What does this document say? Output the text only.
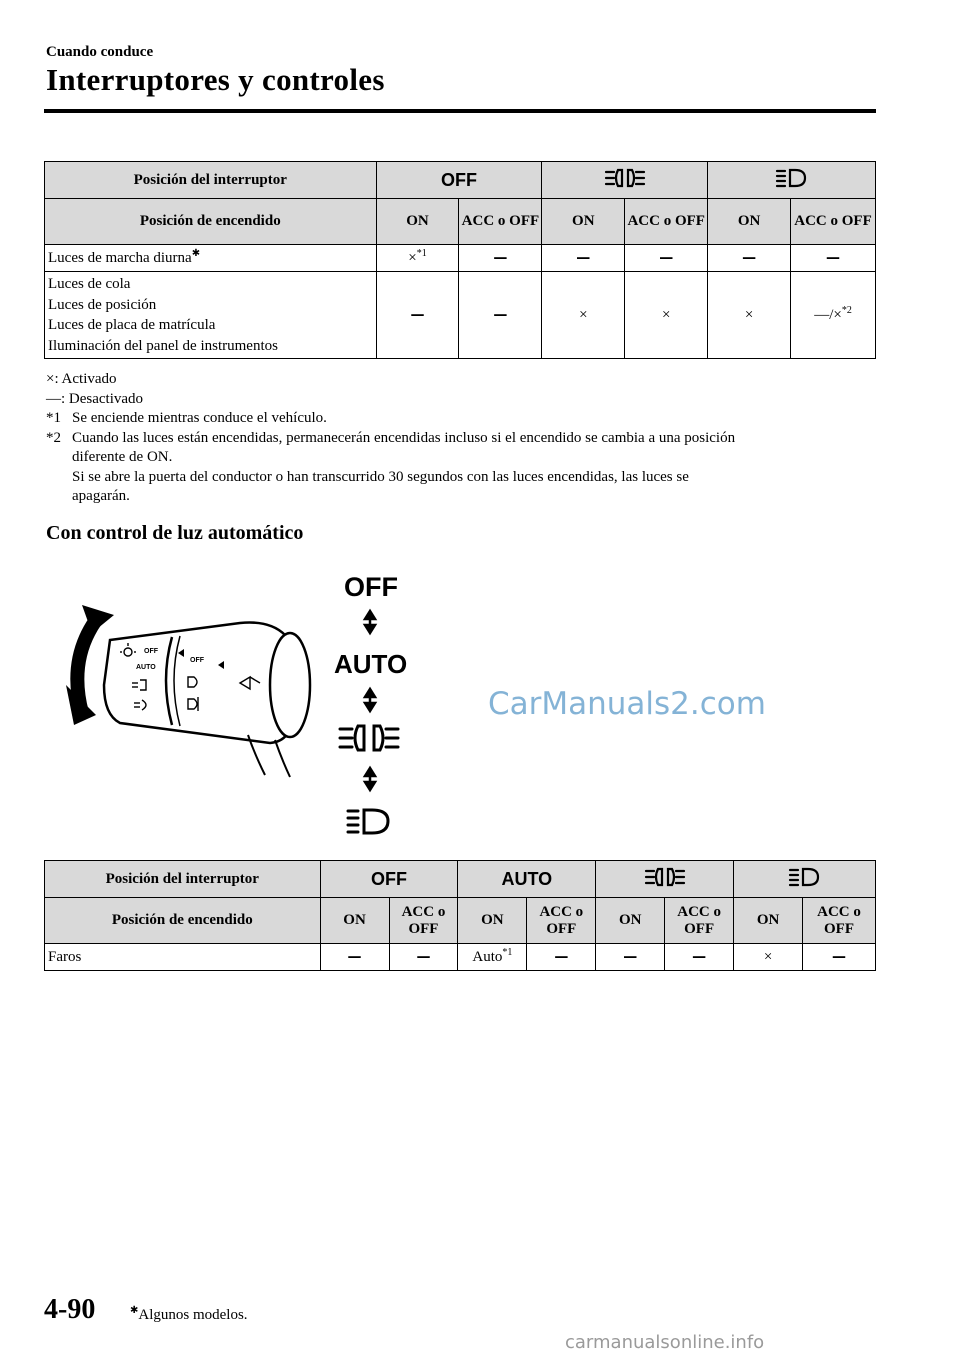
Cuando conduce
Interruptores y controles
Posición del interruptor	OFF		
Posición de encendido	ON	ACC o OFF	ON	ACC o OFF	ON	ACC o OFF
Luces de marcha diurna✱	×$^{*1}$	—	—	—	—	—

Luces de cola
Luces de posición
Luces de placa de matrícula
Iluminación del panel de instrumentos	—	—	×	×	×	—/×$^{*2}$
×: Activado
—: Desactivado
*1 Se enciende mientras conduce el vehículo.
*2 Cuando las luces están encendidas, permanecerán encendidas incluso si el encendido se cambia a una posición
diferente de ON.
Si se abre la puerta del conductor o han transcurrido 30 segundos con las luces encendidas, las luces se
apagarán.
Con control de luz automático
OFF
AUTO
OFF
OFF
AUTO
CarManuals2.com
Posición del interruptor	OFF		AUTO		
Posición de encendido	ON	ACC o OFF	ON	ACC o OFF	ON	ACC o OFF	ON	ACC o OFF
Faros	—	—	Auto$^{*1}$	—	—	—	×	—
4-90	✱Algunos modelos.
carmanualsonline.info
